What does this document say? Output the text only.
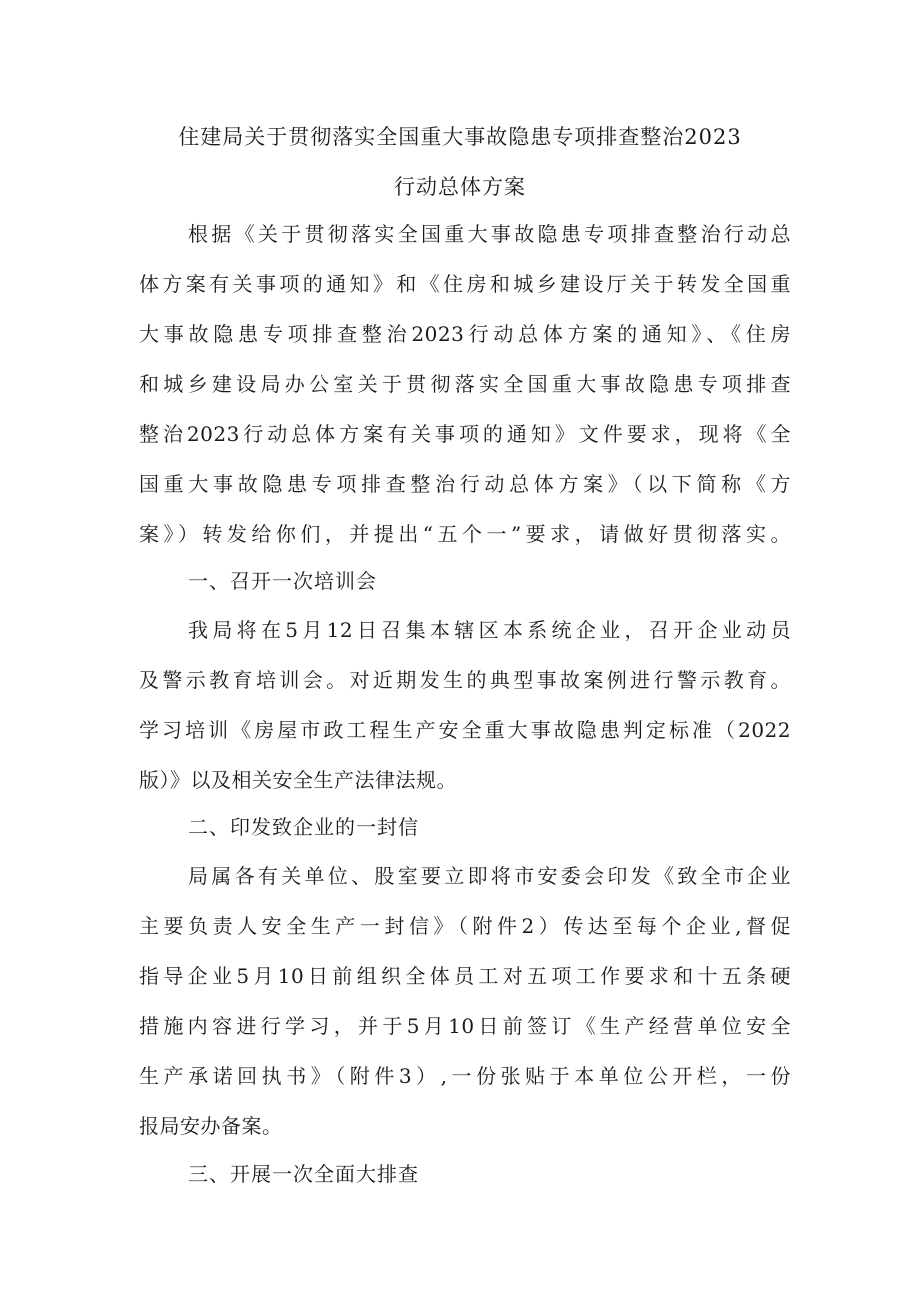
住建局关于贯彻落实全国重大事故隐患专项排查整治2023
行动总体方案
根据《关于贯彻落实全国重大事故隐患专项排查整治行动总
体方案有关事项的通知》和《住房和城乡建设厅关于转发全国重
大事故隐患专项排查整治2023行动总体方案的通知》、《住房
和城乡建设局办公室关于贯彻落实全国重大事故隐患专项排查
整治2023行动总体方案有关事项的通知》文件要求，现将《全
国重大事故隐患专项排查整治行动总体方案》（以下简称《方
案》）转发给你们，并提出“五个一”要求，请做好贯彻落实。
一、召开一次培训会
我局将在5月12日召集本辖区本系统企业，召开企业动员
及警示教育培训会。对近期发生的典型事故案例进行警示教育。
学习培训《房屋市政工程生产安全重大事故隐患判定标准（2022
版）》以及相关安全生产法律法规。
二、印发致企业的一封信
局属各有关单位、股室要立即将市安委会印发《致全市企业
主要负责人安全生产一封信》（附件2）传达至每个企业,督促
指导企业5月10日前组织全体员工对五项工作要求和十五条硬
措施内容进行学习，并于5月10日前签订《生产经营单位安全
生产承诺回执书》（附件3）,一份张贴于本单位公开栏，一份
报局安办备案。
三、开展一次全面大排查
